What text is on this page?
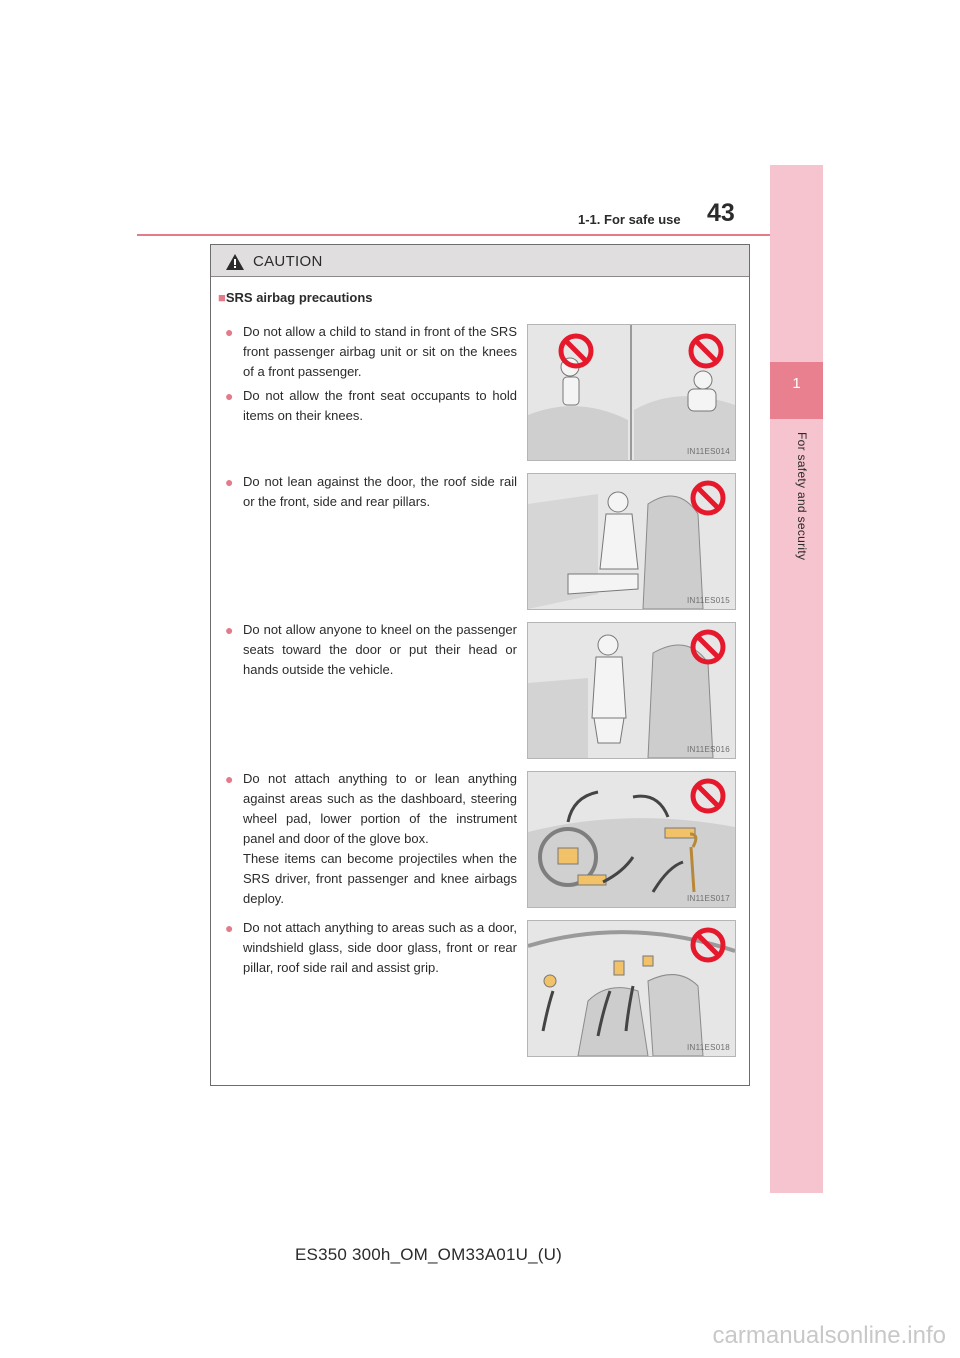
1-1. For safe use 43
1
For safety and security
CAUTION
■SRS airbag precautions
● Do not allow a child to stand in front of the SRS front passenger airbag unit or sit on the knees of a front passenger.
● Do not allow the front seat occupants to hold items on their knees.
IN11ES014
● Do not lean against the door, the roof side rail or the front, side and rear pillars.
IN11ES015
● Do not allow anyone to kneel on the passenger seats toward the door or put their head or hands outside the vehicle.
IN11ES016
● Do not attach anything to or lean anything against areas such as the dashboard, steering wheel pad, lower portion of the instrument panel and door of the glove box.
These items can become projectiles when the SRS driver, front passenger and knee airbags deploy.	IN11ES017
● Do not attach anything to areas such as a door, windshield glass, side door glass, front or rear pillar, roof side rail and assist grip.
IN11ES018
ES350 300h_OM_OM33A01U_(U)
carmanualsonline.info
